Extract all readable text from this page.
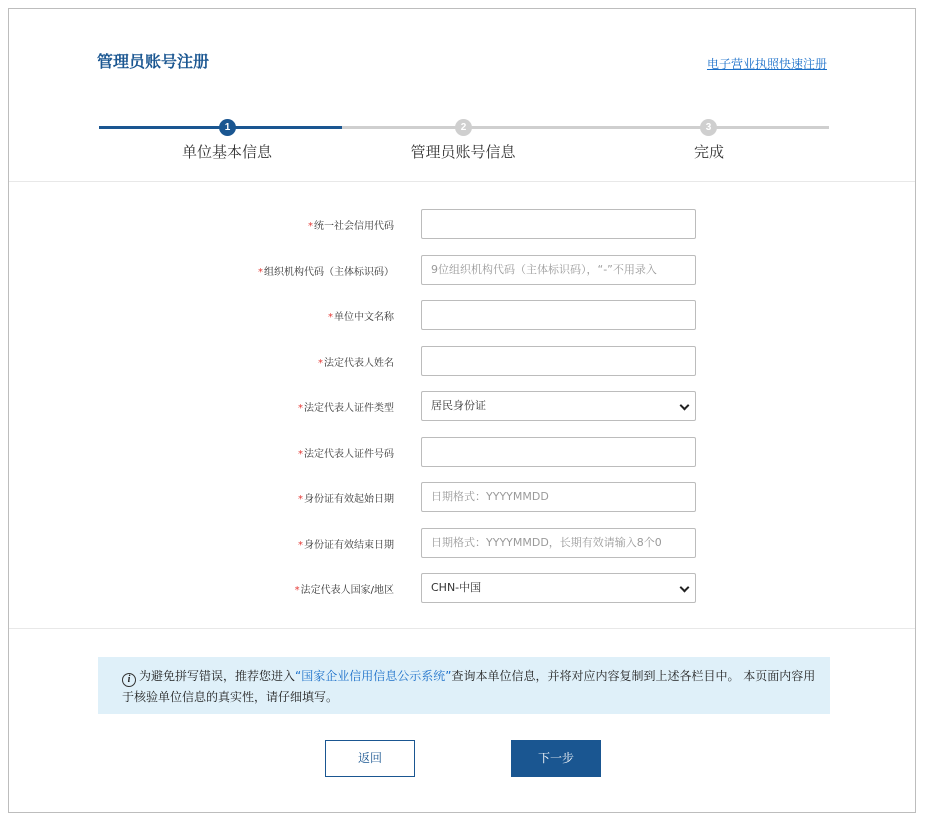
管理员账号注册	电子营业执照快速注册
1
单位基本信息
2
管理员账号信息
3
完成
*统一社会信用代码
*组织机构代码（主体标识码）	9位组织机构代码（主体标识码），“-”不用录入
*单位中文名称
*法定代表人姓名
*法定代表人证件类型	居民身份证
*法定代表人证件号码
*身份证有效起始日期	日期格式：YYYYMMDD
*身份证有效结束日期	日期格式：YYYYMMDD，长期有效请输入8个0
*法定代表人国家/地区	CHN-中国
i 为避免拼写错误，推荐您进入“国家企业信用信息公示系统”查询本单位信息，并将对应内容复制到上述各栏目中。 本页面内容用于核验单位信息的真实性，请仔细填写。
返回	下一步
